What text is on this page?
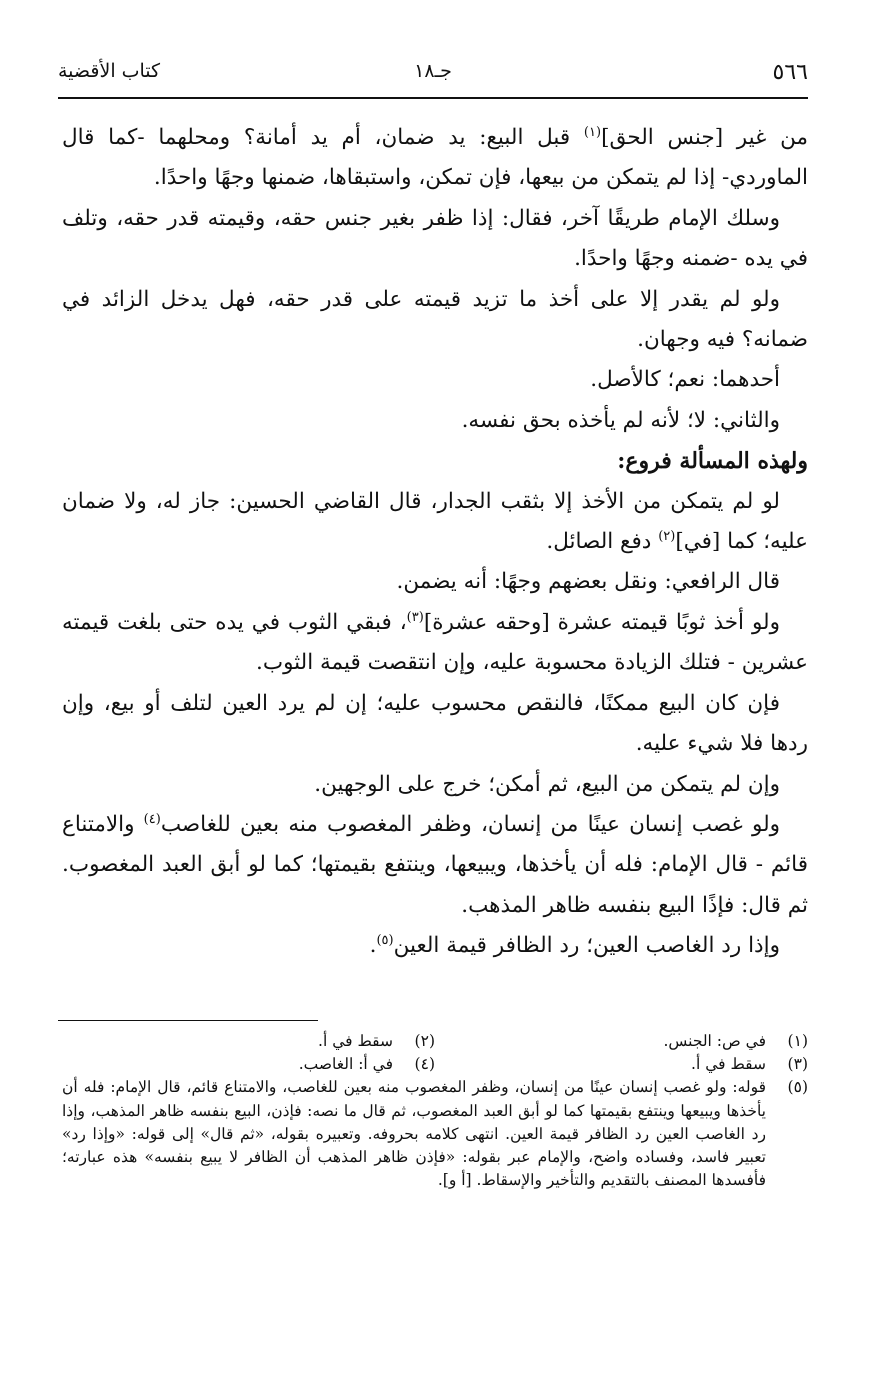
٥٦٦
جـ١٨
كتاب الأقضية

من غير [جنس الحق]$^{(١)}$ قبل البيع: يد ضمان، أم يد أمانة؟ ومحلهما -كما قال الماوردي- إذا لم يتمكن من بيعها، فإن تمكن، واستبقاها، ضمنها وجهًا واحدًا.

وسلك الإمام طريقًا آخر، فقال: إذا ظفر بغير جنس حقه، وقيمته قدر حقه، وتلف في يده -ضمنه وجهًا واحدًا.

ولو لم يقدر إلا على أخذ ما تزيد قيمته على قدر حقه، فهل يدخل الزائد في ضمانه؟ فيه وجهان.

أحدهما: نعم؛ كالأصل.

والثاني: لا؛ لأنه لم يأخذه بحق نفسه.

ولهذه المسألة فروع:

لو لم يتمكن من الأخذ إلا بثقب الجدار، قال القاضي الحسين: جاز له، ولا ضمان عليه؛ كما [في]$^{(٢)}$ دفع الصائل.

قال الرافعي: ونقل بعضهم وجهًا: أنه يضمن.

ولو أخذ ثوبًا قيمته عشرة [وحقه عشرة]$^{(٣)}$، فبقي الثوب في يده حتى بلغت قيمته عشرين - فتلك الزيادة محسوبة عليه، وإن انتقصت قيمة الثوب.

فإن كان البيع ممكنًا، فالنقص محسوب عليه؛ إن لم يرد العين لتلف أو بيع، وإن ردها فلا شيء عليه.

وإن لم يتمكن من البيع، ثم أمكن؛ خرج على الوجهين.

ولو غصب إنسان عينًا من إنسان، وظفر المغصوب منه بعين للغاصب$^{(٤)}$ والامتناع قائم - قال الإمام: فله أن يأخذها، ويبيعها، وينتفع بقيمتها؛ كما لو أبق العبد المغصوب. ثم قال: فإذًا البيع بنفسه ظاهر المذهب.

وإذا رد الغاصب العين؛ رد الظافر قيمة العين$^{(٥)}$.

(١)
في ص: الجنس.
(٢)
سقط في أ.
(٣)
سقط في أ.
(٤)
في أ: الغاصب.
(٥)
قوله: ولو غصب إنسان عينًا من إنسان، وظفر المغصوب منه بعين للغاصب، والامتناع قائم، قال الإمام: فله أن يأخذها ويبيعها وينتفع بقيمتها كما لو أبق العبد المغصوب، ثم قال ما نصه: فإذن، البيع بنفسه ظاهر المذهب، وإذا رد الغاصب العين رد الظافر قيمة العين. انتهى كلامه بحروفه. وتعبيره بقوله، «ثم قال» إلى قوله: «وإذا رد» تعبير فاسد، وفساده واضح، والإمام عبر بقوله: «فإذن ظاهر المذهب أن الظافر لا يبيع بنفسه» هذه عبارته؛ فأفسدها المصنف بالتقديم والتأخير والإسقاط. [أ و].
